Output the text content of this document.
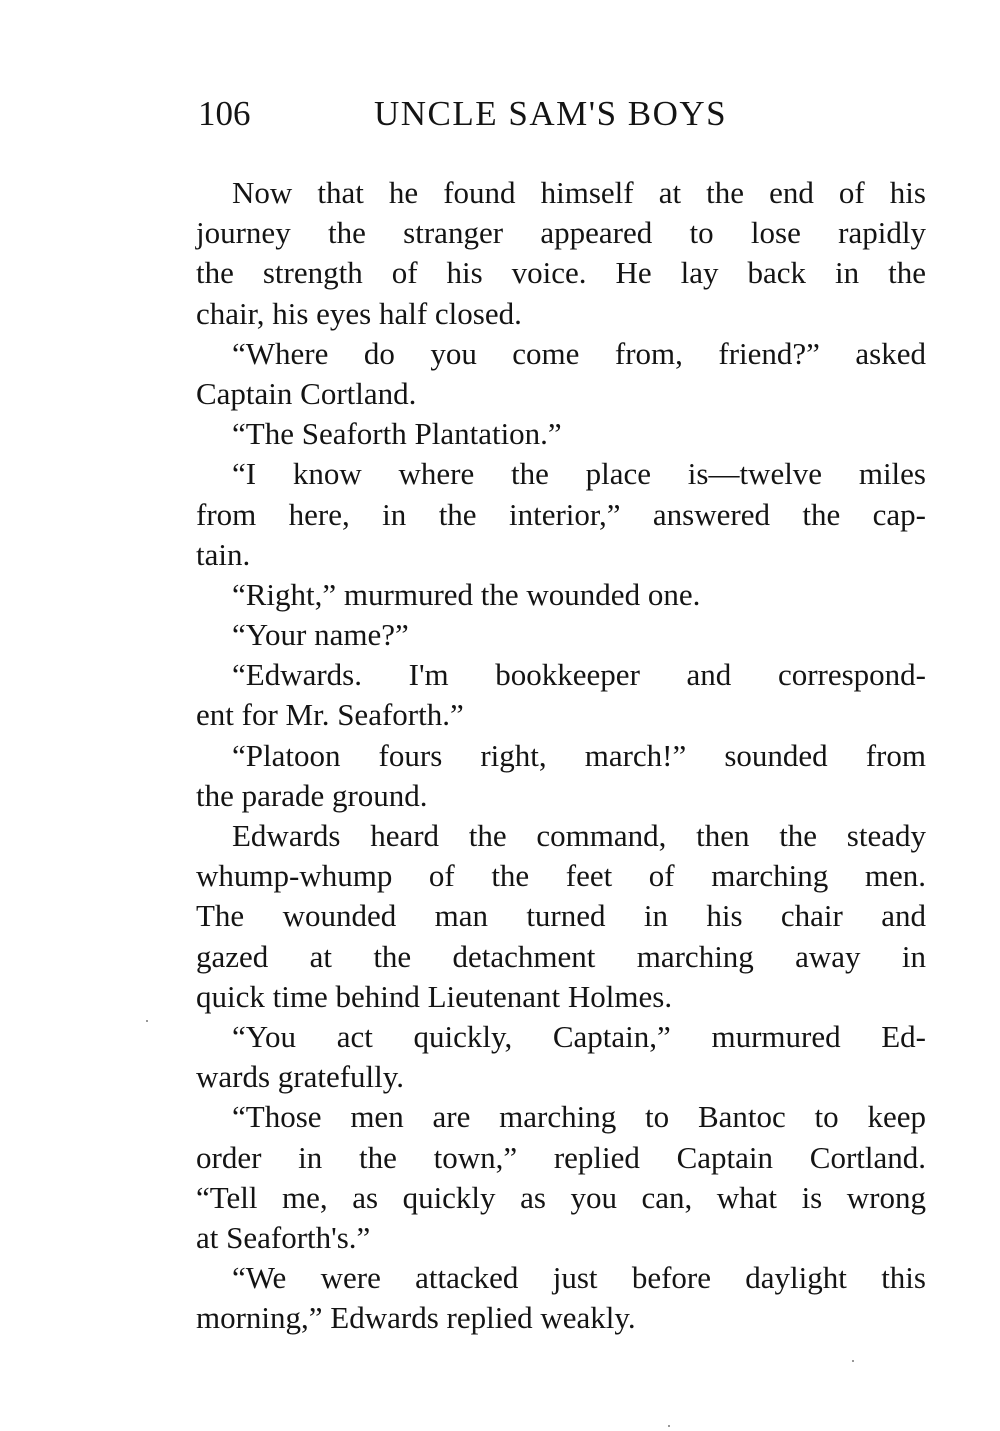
106	UNCLE SAM'S BOYS
Now that he found himself at the end of his
journey the stranger appeared to lose rapidly
the strength of his voice. He lay back in the
chair, his eyes half closed.
“Where do you come from, friend?” asked
Captain Cortland.
“The Seaforth Plantation.”
“I know where the place is—twelve miles
from here, in the interior,” answered the cap-
tain.
“Right,” murmured the wounded one.
“Your name?”
“Edwards. I'm bookkeeper and correspond-
ent for Mr. Seaforth.”
“Platoon fours right, march!” sounded from
the parade ground.
Edwards heard the command, then the steady
whump-whump of the feet of marching men.
The wounded man turned in his chair and
gazed at the detachment marching away in
quick time behind Lieutenant Holmes.
“You act quickly, Captain,” murmured Ed-
wards gratefully.
“Those men are marching to Bantoc to keep
order in the town,” replied Captain Cortland.
“Tell me, as quickly as you can, what is wrong
at Seaforth's.”
“We were attacked just before daylight this
morning,” Edwards replied weakly.
